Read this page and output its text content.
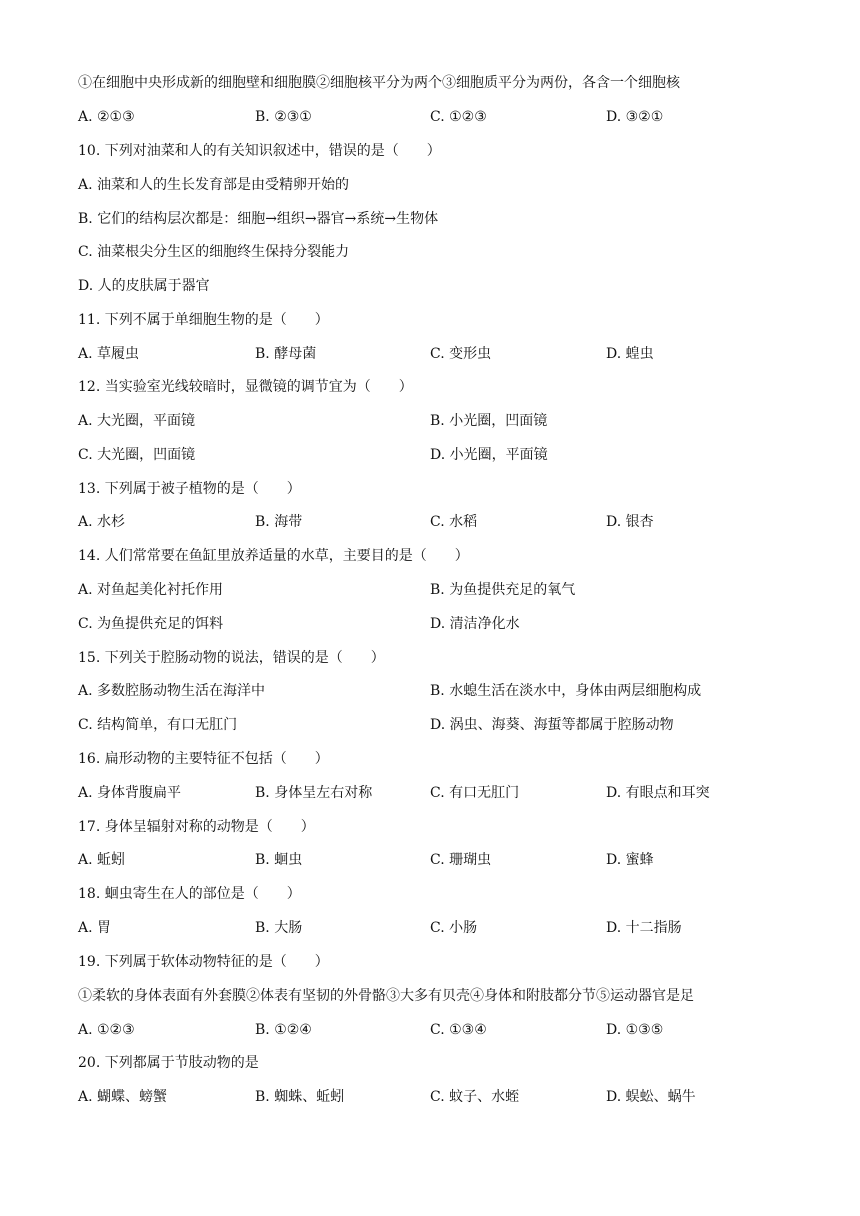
①在细胞中央形成新的细胞壁和细胞膜②细胞核平分为两个③细胞质平分为两份，各含一个细胞核
A. ②①③	B. ②③①	C. ①②③	D. ③②①
10. 下列对油菜和人的有关知识叙述中，错误的是（　　）
A. 油菜和人的生长发育部是由受精卵开始的
B. 它们的结构层次都是：细胞→组织→器官→系统→生物体
C. 油菜根尖分生区的细胞终生保持分裂能力
D. 人的皮肤属于器官
11. 下列不属于单细胞生物的是（　　）
A. 草履虫	B. 酵母菌	C. 变形虫	D. 蝗虫
12. 当实验室光线较暗时，显微镜的调节宜为（　　）
A. 大光圈，平面镜	B. 小光圈，凹面镜
C. 大光圈，凹面镜	D. 小光圈，平面镜
13. 下列属于被子植物的是（　　）
A. 水杉	B. 海带	C. 水稻	D. 银杏
14. 人们常常要在鱼缸里放养适量的水草，主要目的是（　　）
A. 对鱼起美化衬托作用	B. 为鱼提供充足的氧气
C. 为鱼提供充足的饵料	D. 清洁净化水
15. 下列关于腔肠动物的说法，错误的是（　　）
A. 多数腔肠动物生活在海洋中	B. 水螅生活在淡水中，身体由两层细胞构成
C. 结构简单，有口无肛门	D. 涡虫、海葵、海蜇等都属于腔肠动物
16. 扁形动物的主要特征不包括（　　）
A. 身体背腹扁平	B. 身体呈左右对称	C. 有口无肛门	D. 有眼点和耳突
17. 身体呈辐射对称的动物是（　　）
A. 蚯蚓	B. 蛔虫	C. 珊瑚虫	D. 蜜蜂
18. 蛔虫寄生在人的部位是（　　）
A. 胃	B. 大肠	C. 小肠	D. 十二指肠
19. 下列属于软体动物特征的是（　　）
①柔软的身体表面有外套膜②体表有坚韧的外骨骼③大多有贝壳④身体和附肢都分节⑤运动器官是足
A. ①②③	B. ①②④	C. ①③④	D. ①③⑤
20. 下列都属于节肢动物的是
A. 蝴蝶、螃蟹	B. 蜘蛛、蚯蚓	C. 蚊子、水蛭	D. 蜈蚣、蜗牛
